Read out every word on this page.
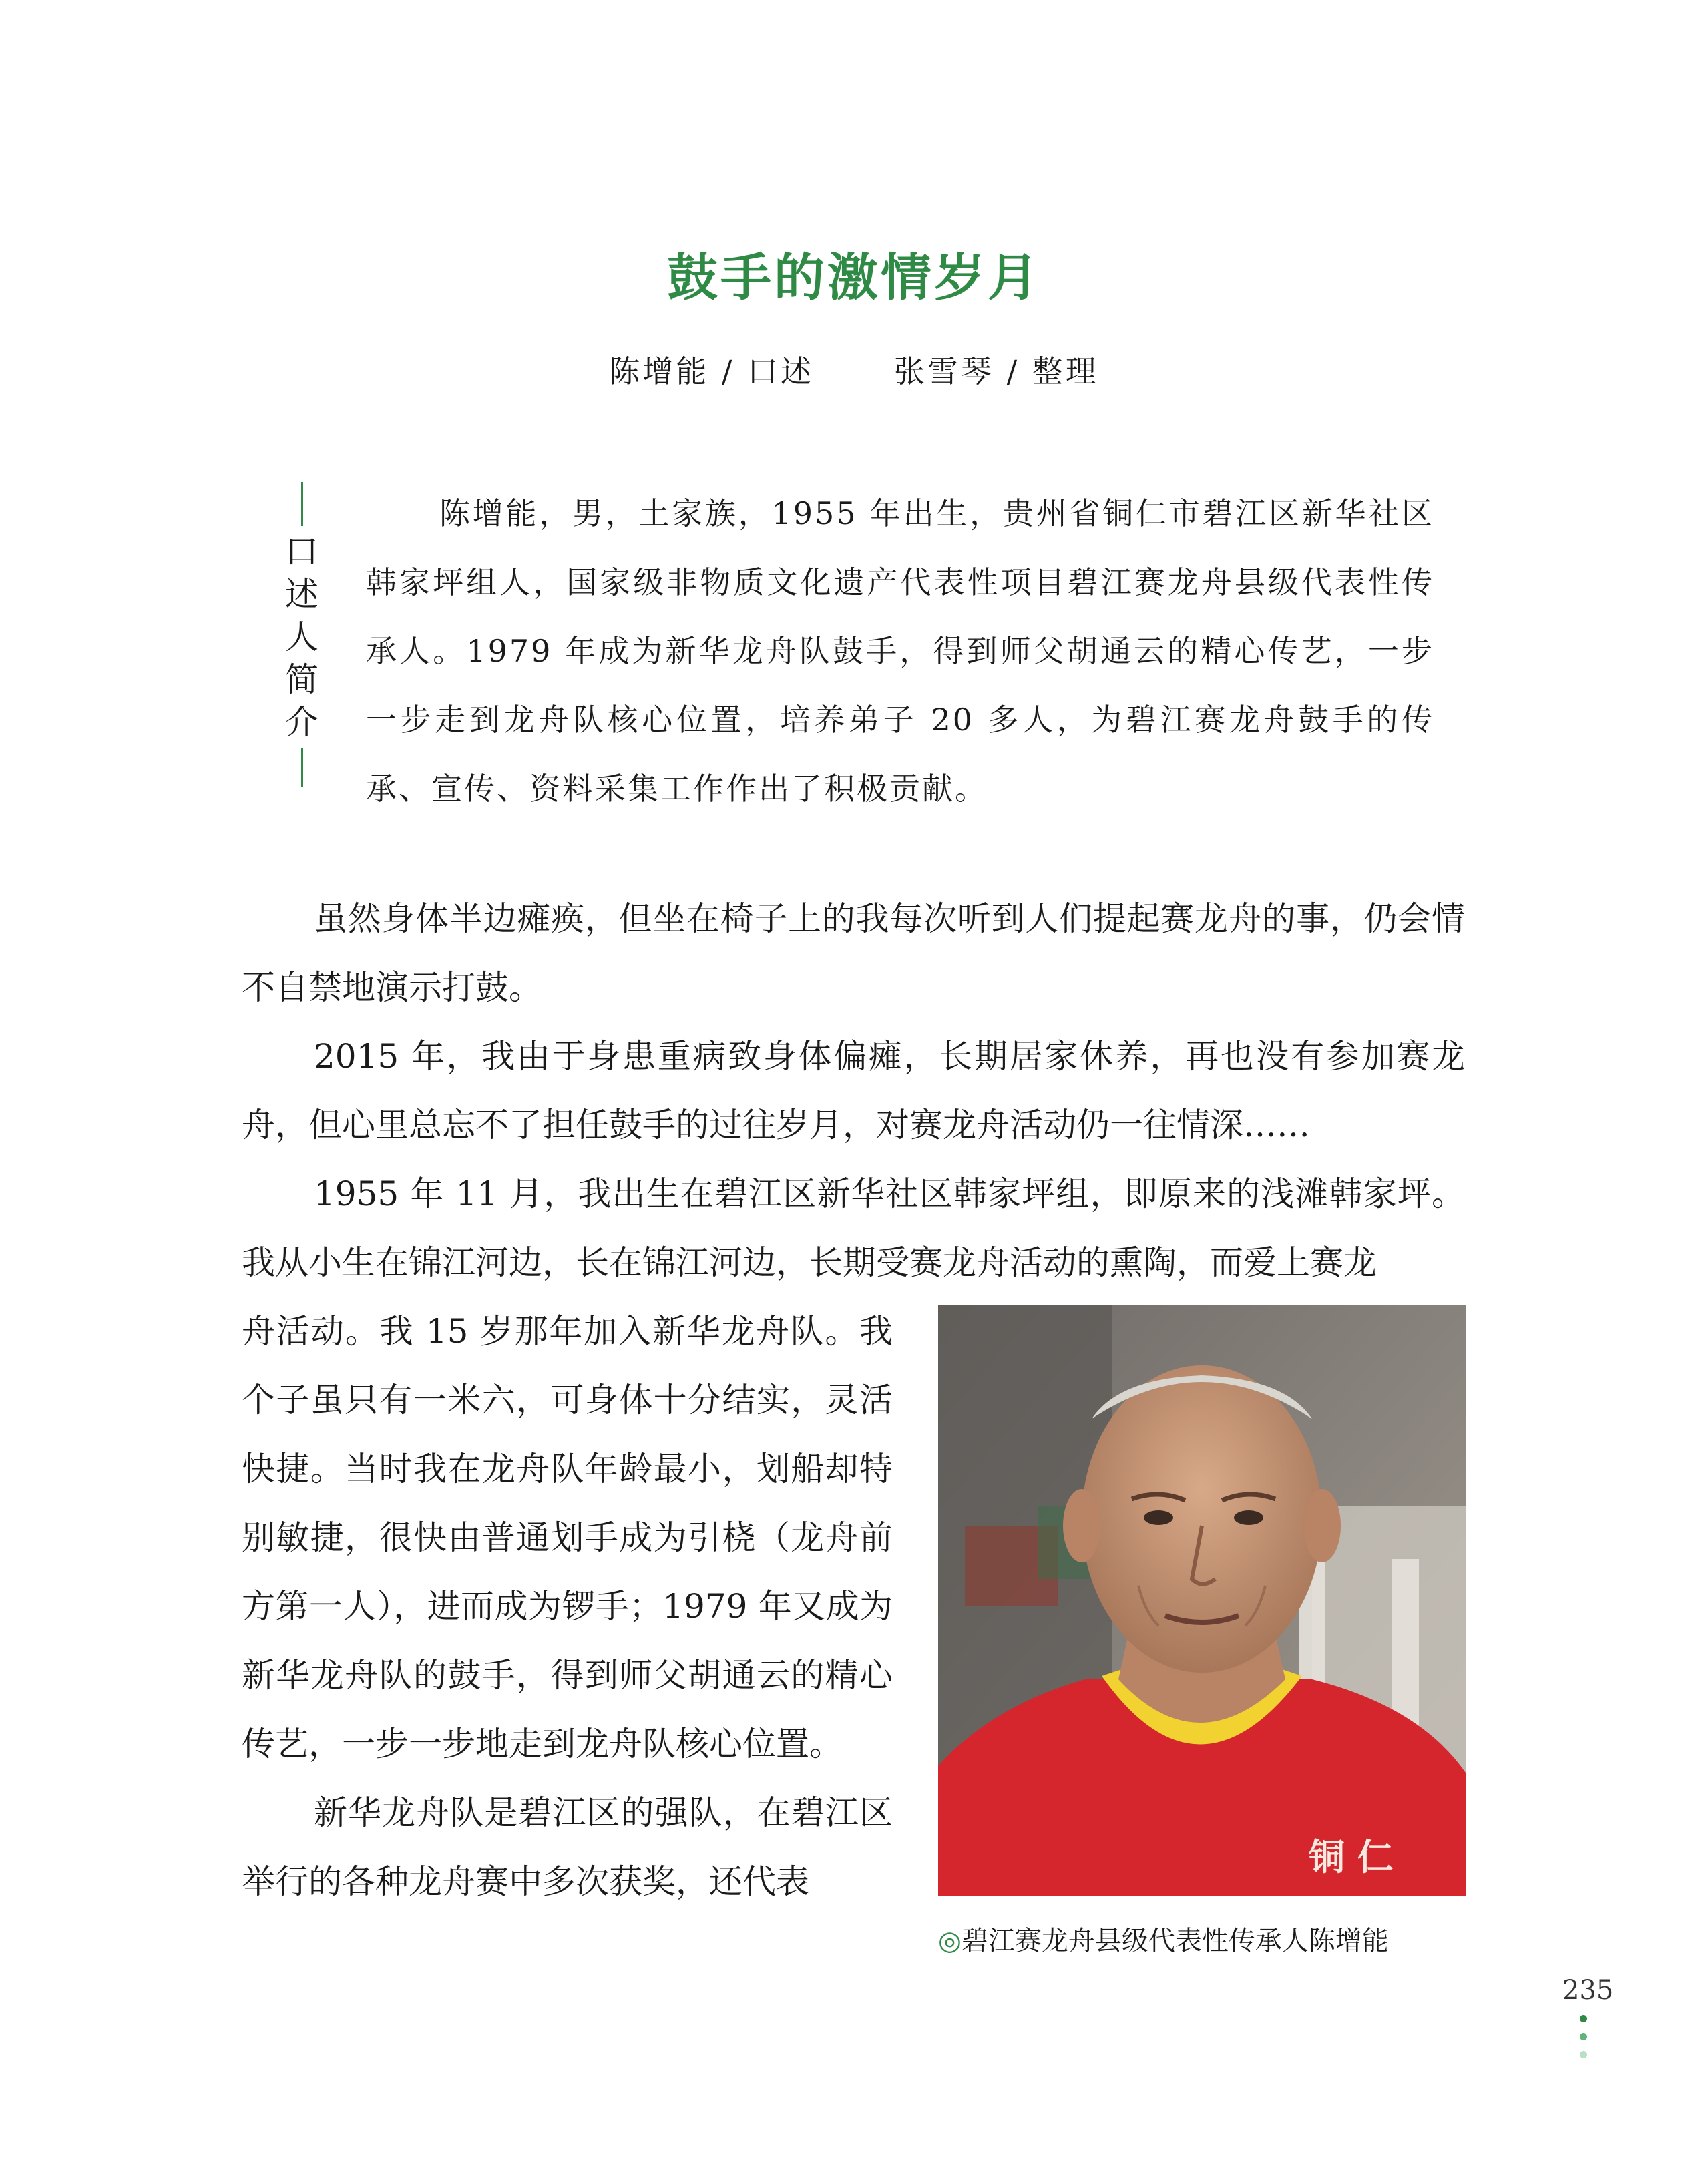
鼓手的激情岁月
陈增能 / 口述	张雪琴 / 整理
口
述
人
简
介

陈增能，男，土家族，1955 年出生，贵州省铜仁市碧江区新华社区韩家坪组人，国家级非物质文化遗产代表性项目碧江赛龙舟县级代表性传承人。1979 年成为新华龙舟队鼓手，得到师父胡通云的精心传艺，一步一步走到龙舟队核心位置，培养弟子 20 多人，为碧江赛龙舟鼓手的传承、宣传、资料采集工作作出了积极贡献。

虽然身体半边瘫痪，但坐在椅子上的我每次听到人们提起赛龙舟的事，仍会情不自禁地演示打鼓。

2015 年，我由于身患重病致身体偏瘫，长期居家休养，再也没有参加赛龙舟，但心里总忘不了担任鼓手的过往岁月，对赛龙舟活动仍一往情深……

1955 年 11 月，我出生在碧江区新华社区韩家坪组，即原来的浅滩韩家坪。我从小生在锦江河边，长在锦江河边，长期受赛龙舟活动的熏陶，而爱上赛龙

舟活动。我 15 岁那年加入新华龙舟队。我个子虽只有一米六，可身体十分结实，灵活快捷。当时我在龙舟队年龄最小，划船却特别敏捷，很快由普通划手成为引桡（龙舟前方第一人），进而成为锣手；1979 年又成为新华龙舟队的鼓手，得到师父胡通云的精心传艺，一步一步地走到龙舟队核心位置。

新华龙舟队是碧江区的强队，在碧江区举行的各种龙舟赛中多次获奖，还代表

铜 仁
◎碧江赛龙舟县级代表性传承人陈增能
235
